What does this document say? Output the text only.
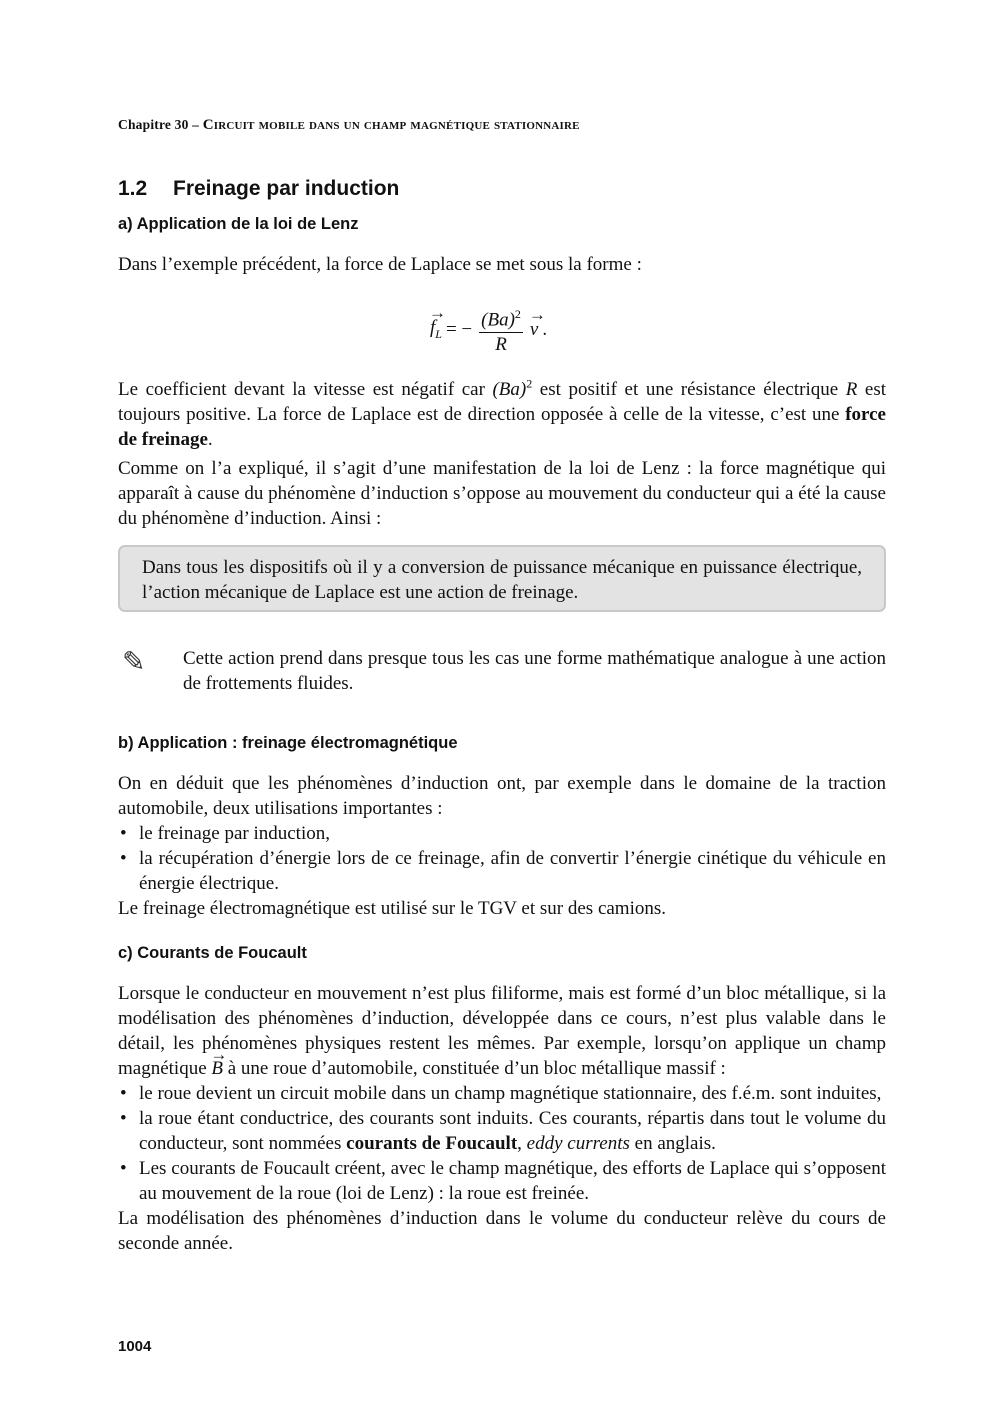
Chapitre 30 – Circuit mobile dans un champ magnétique stationnaire
1.2 Freinage par induction
a) Application de la loi de Lenz
Dans l’exemple précédent, la force de Laplace se met sous la forme :
→ $f_L$ = − $\frac{(Ba)^2}{R} \to v$ .
Le coefficient devant la vitesse est négatif car $(Ba)^2$ est positif et une résistance électrique R est toujours positive. La force de Laplace est de direction opposée à celle de la vitesse, c’est une force de freinage.
Comme on l’a expliqué, il s’agit d’une manifestation de la loi de Lenz : la force magnétique qui apparaît à cause du phénomène d’induction s’oppose au mouvement du conducteur qui a été la cause du phénomène d’induction. Ainsi :
Dans tous les dispositifs où il y a conversion de puissance mécanique en puissance électrique, l’action mécanique de Laplace est une action de freinage.
✎ Cette action prend dans presque tous les cas une forme mathématique analogue à une action de frottements fluides.
b) Application : freinage électromagnétique
On en déduit que les phénomènes d’induction ont, par exemple dans le domaine de la traction automobile, deux utilisations importantes :
• le freinage par induction,
• la récupération d’énergie lors de ce freinage, afin de convertir l’énergie cinétique du véhicule en énergie électrique.
Le freinage électromagnétique est utilisé sur le TGV et sur des camions.
c) Courants de Foucault
Lorsque le conducteur en mouvement n’est plus filiforme, mais est formé d’un bloc métallique, si la modélisation des phénomènes d’induction, développée dans ce cours, n’est plus valable dans le détail, les phénomènes physiques restent les mêmes. Par exemple, lorsqu’on applique un champ magnétique → B à une roue d’automobile, constituée d’un bloc métallique massif :
• le roue devient un circuit mobile dans un champ magnétique stationnaire, des f.é.m. sont induites,
• la roue étant conductrice, des courants sont induits. Ces courants, répartis dans tout le volume du conducteur, sont nommées courants de Foucault, eddy currents en anglais.
• Les courants de Foucault créent, avec le champ magnétique, des efforts de Laplace qui s’opposent au mouvement de la roue (loi de Lenz) : la roue est freinée.
La modélisation des phénomènes d’induction dans le volume du conducteur relève du cours de seconde année.
1004
